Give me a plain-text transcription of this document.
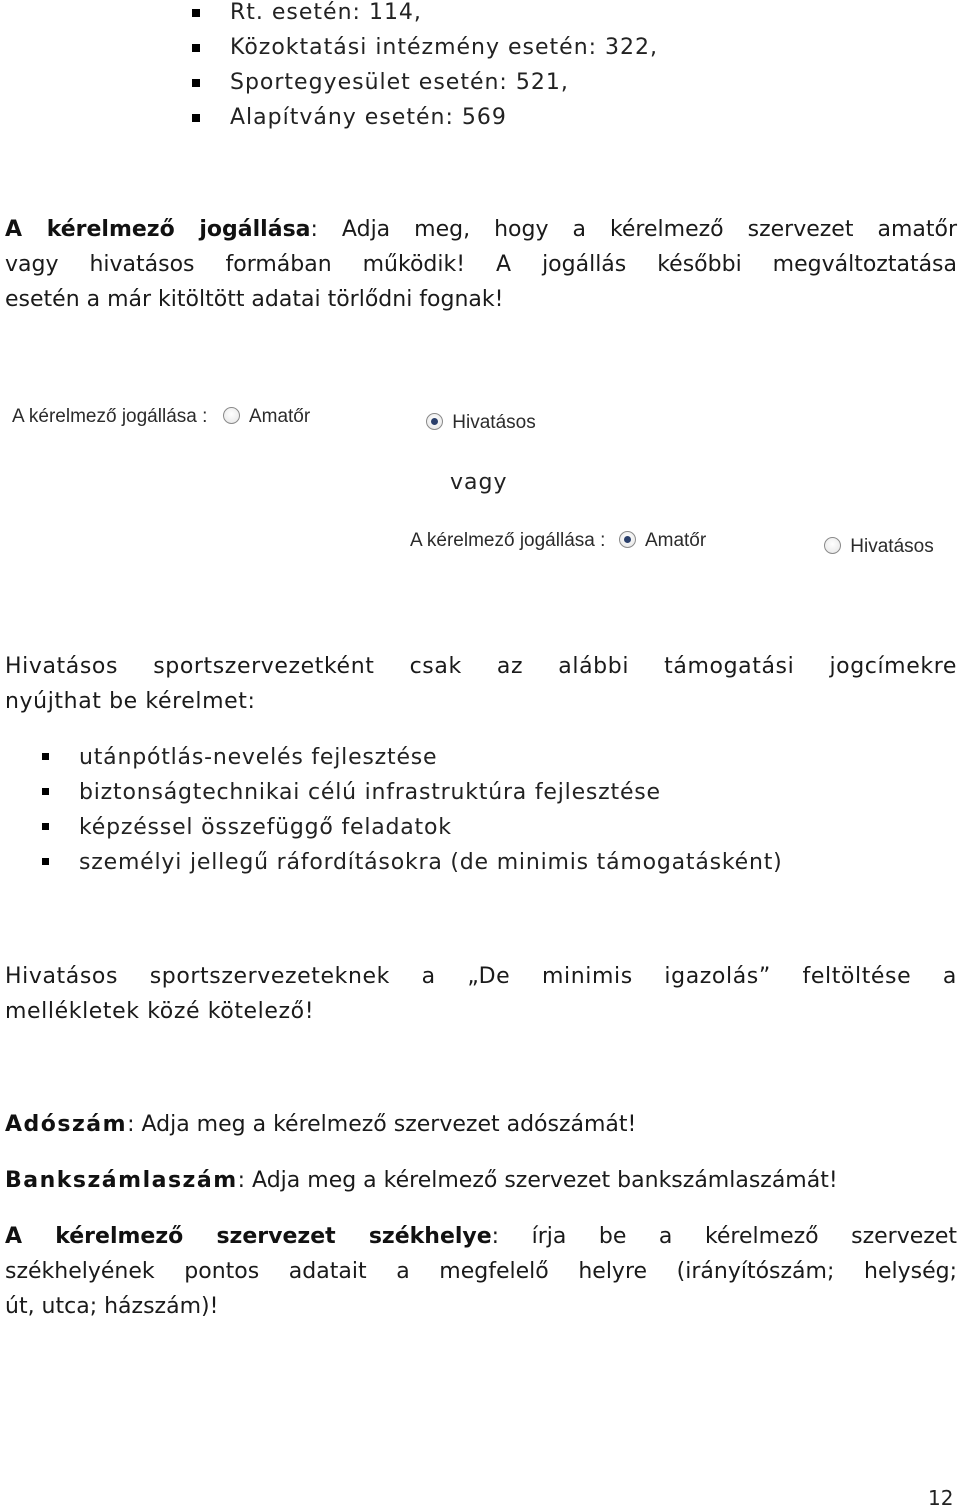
Rt. esetén: 114,
Közoktatási intézmény esetén: 322,
Sportegyesület esetén: 521,
Alapítvány esetén: 569
A kérelmező jogállása: Adja meg, hogy a kérelmező szervezet amatőr
vagy hivatásos formában működik! A jogállás későbbi megváltoztatása
esetén a már kitöltött adatai törlődni fognak!
A kérelmező jogállása : Amatőr	Hivatásos
vagy
A kérelmező jogállása : Amatőr	Hivatásos
Hivatásos sportszervezetként csak az alábbi támogatási jogcímekre
nyújthat be kérelmet:
utánpótlás-nevelés fejlesztése
biztonságtechnikai célú infrastruktúra fejlesztése
képzéssel összefüggő feladatok
személyi jellegű ráfordításokra (de minimis támogatásként)
Hivatásos sportszervezeteknek a „De minimis igazolás” feltöltése a
mellékletek közé kötelező!
Adószám: Adja meg a kérelmező szervezet adószámát!
Bankszámlaszám: Adja meg a kérelmező szervezet bankszámlaszámát!
A kérelmező szervezet székhelye: írja be a kérelmező szervezet
székhelyének pontos adatait a megfelelő helyre (irányítószám; helység;
út, utca; házszám)!
12
